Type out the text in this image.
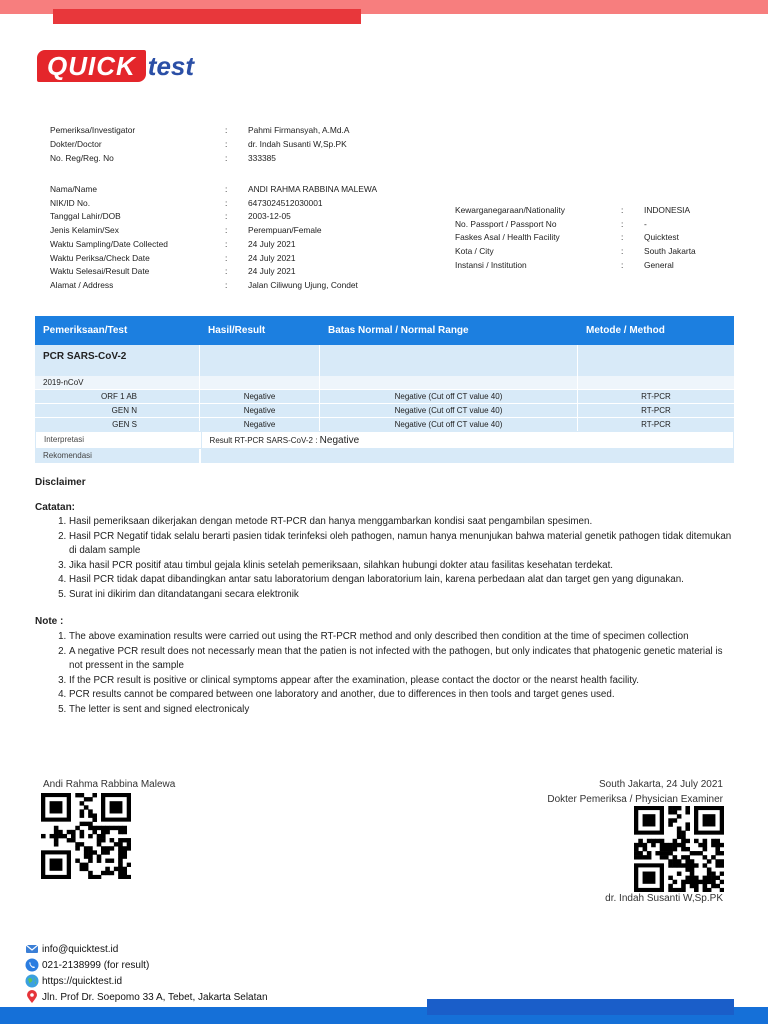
QUICK test
Pemeriksa/Investigator	: Pahmi Firmansyah, A.Md.A
Dokter/Doctor	: dr. Indah Susanti W,Sp.PK
No. Reg/Reg. No	: 333385
Nama/Name	: ANDI RAHMA RABBINA MALEWA
NIK/ID No.	: 6473024512030001
Tanggal Lahir/DOB	: 2003-12-05
Jenis Kelamin/Sex	: Perempuan/Female
Waktu Sampling/Date Collected	: 24 July 2021
Waktu Periksa/Check Date	: 24 July 2021
Waktu Selesai/Result Date	: 24 July 2021
Alamat / Address	: Jalan Ciliwung Ujung, Condet
Kewarganegaraan/Nationality	: INDONESIA
No. Passport / Passport No	: -
Faskes Asal / Health Facility	: Quicktest
Kota / City	: South Jakarta
Instansi / Institution	: General
Pemeriksaan/Test	Hasil/Result	Batas Normal / Normal Range	Metode / Method
PCR SARS-CoV-2
2019-nCoV
ORF 1 AB	Negative	Negative (Cut off CT value 40)	RT-PCR
GEN N	Negative	Negative (Cut off CT value 40)	RT-PCR
GEN S	Negative	Negative (Cut off CT value 40)	RT-PCR
Interpretasi	Result RT-PCR SARS-CoV-2 : Negative
Rekomendasi
Disclaimer
Catatan:
1. Hasil pemeriksaan dikerjakan dengan metode RT-PCR dan hanya menggambarkan kondisi saat pengambilan spesimen.
2. Hasil PCR Negatif tidak selalu berarti pasien tidak terinfeksi oleh pathogen, namun hanya menunjukan bahwa material genetik pathogen tidak ditemukan di dalam sample
3. Jika hasil PCR positif atau timbul gejala klinis setelah pemeriksaan, silahkan hubungi dokter atau fasilitas kesehatan terdekat.
4. Hasil PCR tidak dapat dibandingkan antar satu laboratorium dengan laboratorium lain, karena perbedaan alat dan target gen yang digunakan.
5. Surat ini dikirim dan ditandatangani secara elektronik
Note :
1. The above examination results were carried out using the RT-PCR method and only described then condition at the time of specimen collection
2. A negative PCR result does not necessarly mean that the patien is not infected with the pathogen, but only indicates that phatogenic genetic material is not pressent in the sample
3. If the PCR result is positive or clinical symptoms appear after the examination, please contact the doctor or the nearst health facility.
4. PCR results cannot be compared between one laboratory and another, due to differences in then tools and target genes used.
5. The letter is sent and signed electronicaly
Andi Rahma Rabbina Malewa	South Jakarta, 24 July 2021
Dokter Pemeriksa / Physician Examiner
dr. Indah Susanti W,Sp.PK
info@quicktest.id
021-2138999 (for result)
https://quicktest.id
Jln. Prof Dr. Soepomo 33 A, Tebet, Jakarta Selatan
